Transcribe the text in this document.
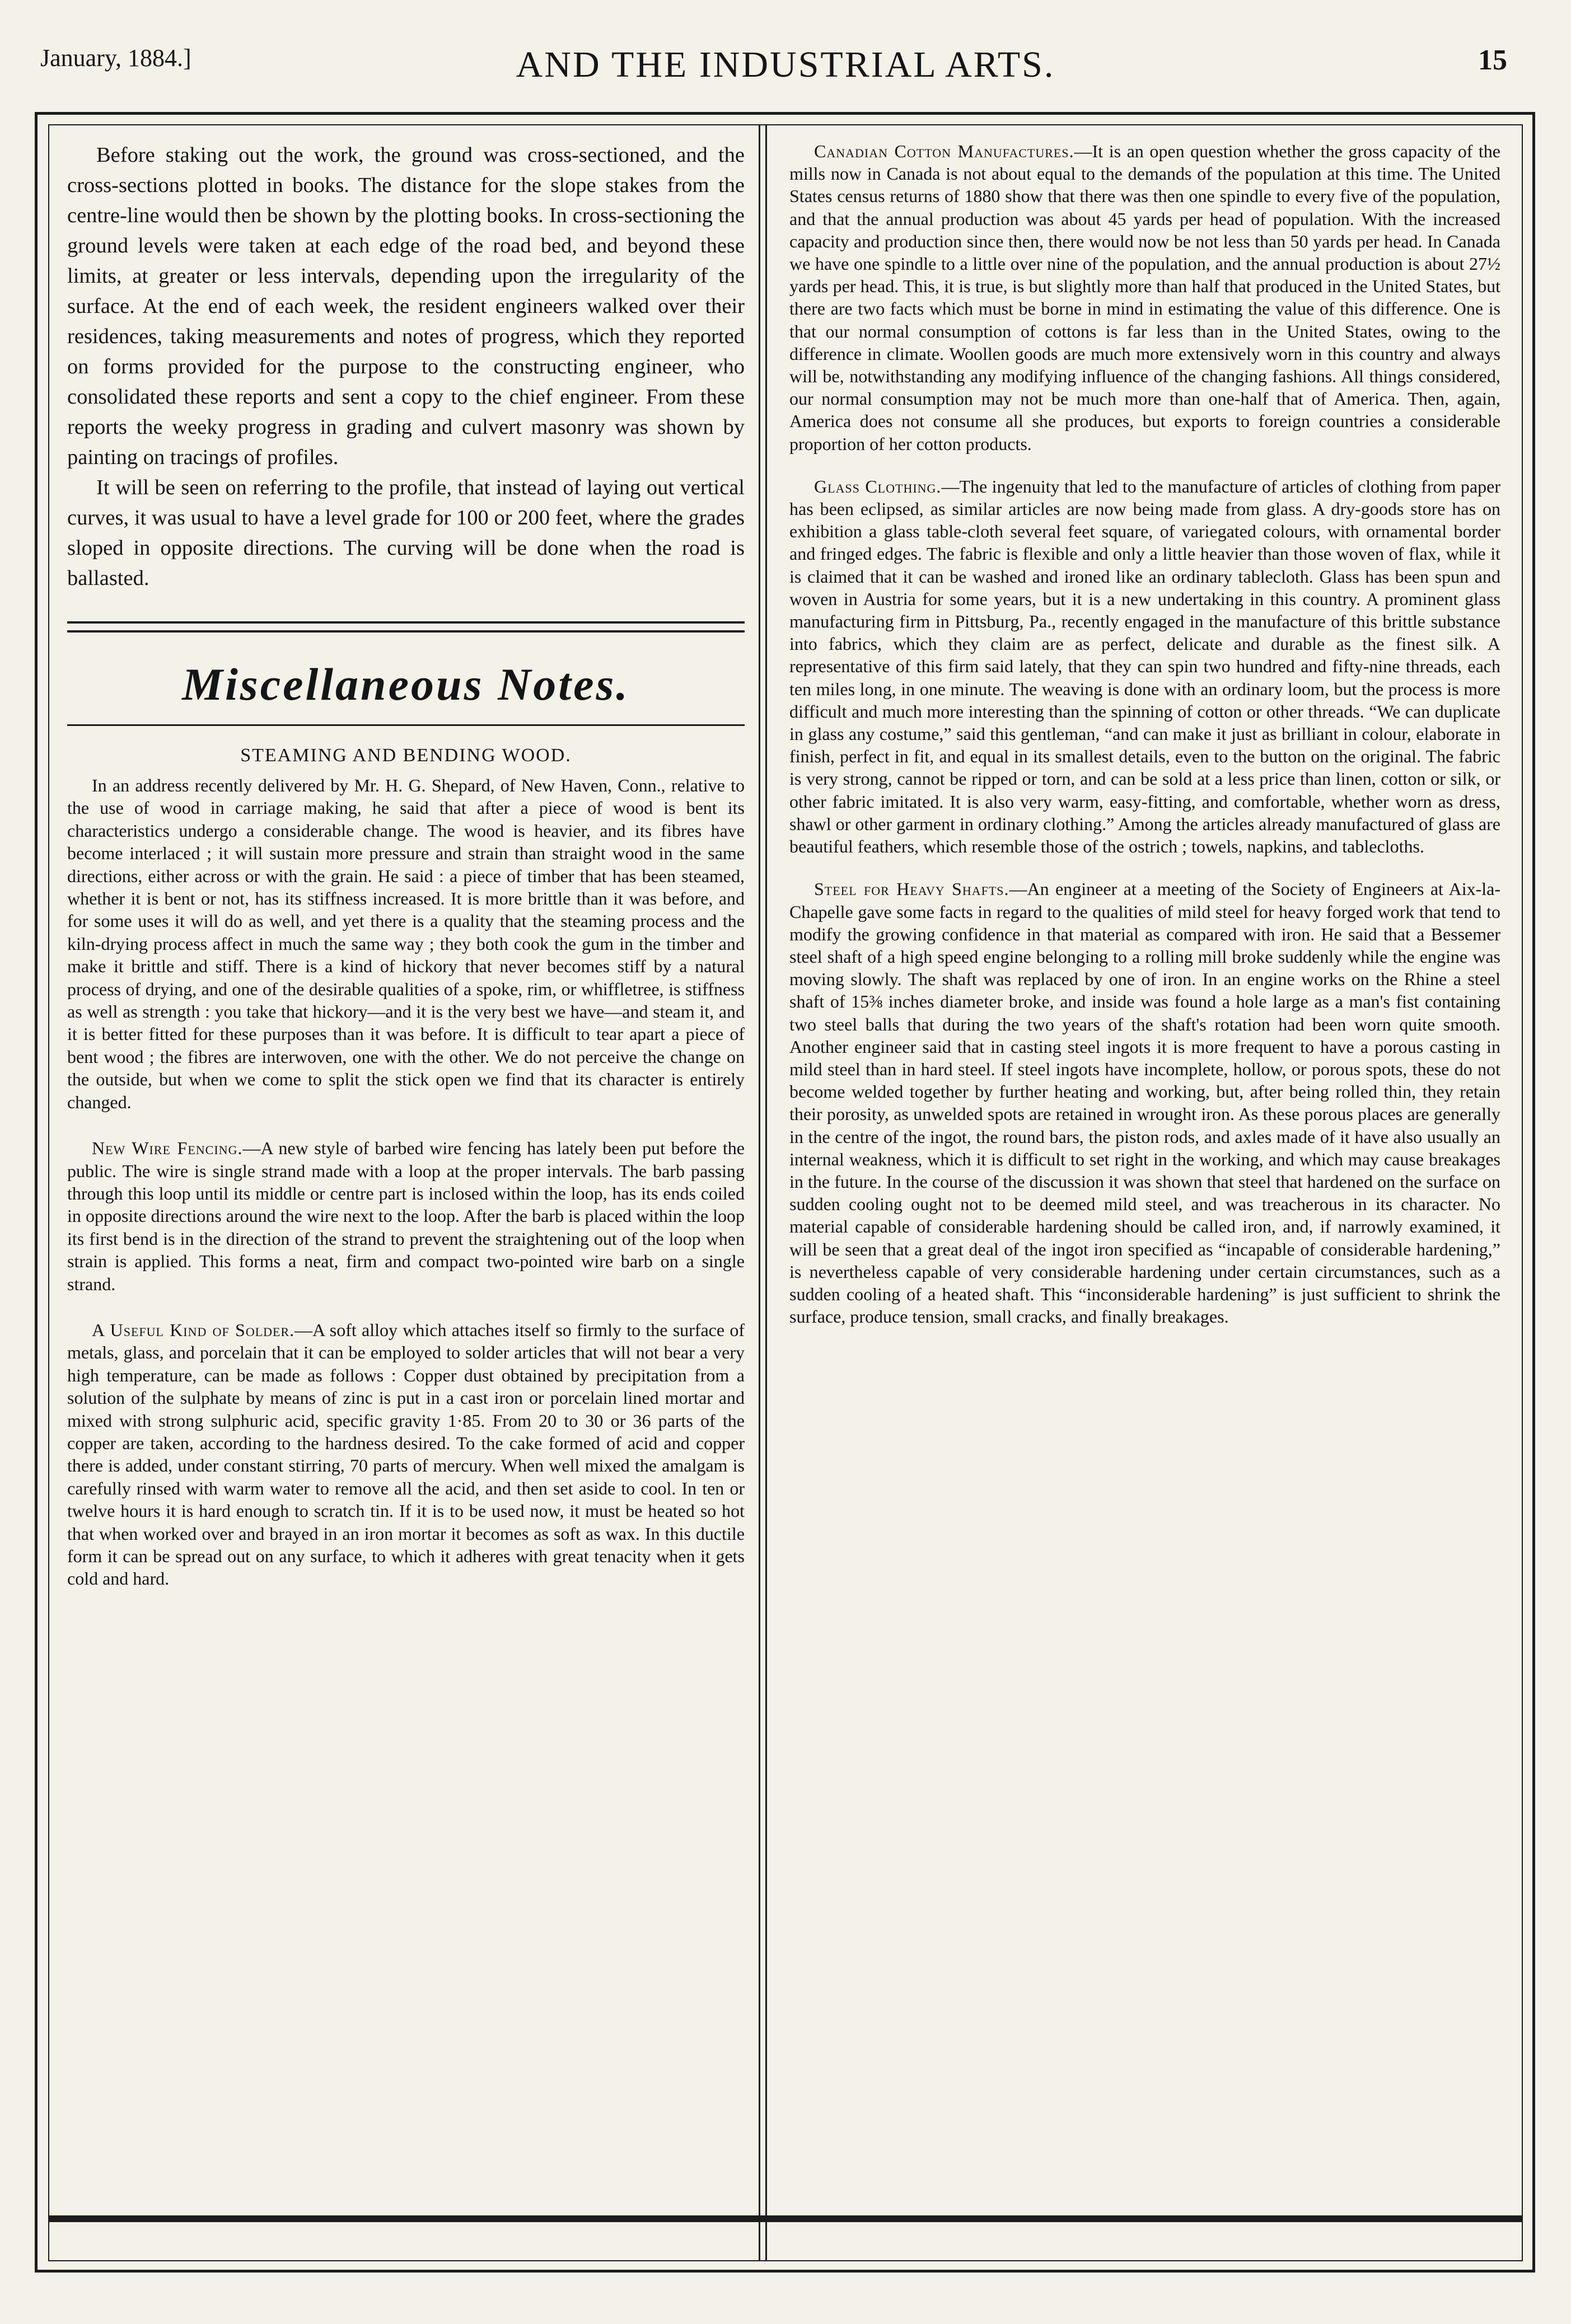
January, 1884.]	AND THE INDUSTRIAL ARTS.	15

Before staking out the work, the ground was cross-sectioned, and the cross-sections plotted in books. The distance for the slope stakes from the centre-line would then be shown by the plotting books. In cross-sectioning the ground levels were taken at each edge of the road bed, and beyond these limits, at greater or less intervals, depending upon the irregularity of the surface. At the end of each week, the resident engineers walked over their residences, taking measurements and notes of progress, which they reported on forms provided for the purpose to the constructing engineer, who consolidated these reports and sent a copy to the chief engineer. From these reports the weeky progress in grading and culvert masonry was shown by painting on tracings of profiles.

It will be seen on referring to the profile, that instead of laying out vertical curves, it was usual to have a level grade for 100 or 200 feet, where the grades sloped in opposite directions. The curving will be done when the road is ballasted.

Miscellaneous Notes.
STEAMING AND BENDING WOOD.

In an address recently delivered by Mr. H. G. Shepard, of New Haven, Conn., relative to the use of wood in carriage making, he said that after a piece of wood is bent its characteristics undergo a considerable change. The wood is heavier, and its fibres have become interlaced ; it will sustain more pressure and strain than straight wood in the same directions, either across or with the grain. He said : a piece of timber that has been steamed, whether it is bent or not, has its stiffness increased. It is more brittle than it was before, and for some uses it will do as well, and yet there is a quality that the steaming process and the kiln-drying process affect in much the same way ; they both cook the gum in the timber and make it brittle and stiff. There is a kind of hickory that never becomes stiff by a natural process of drying, and one of the desirable qualities of a spoke, rim, or whiffletree, is stiffness as well as strength : you take that hickory—and it is the very best we have—and steam it, and it is better fitted for these purposes than it was before. It is difficult to tear apart a piece of bent wood ; the fibres are interwoven, one with the other. We do not perceive the change on the outside, but when we come to split the stick open we find that its character is entirely changed.

New Wire Fencing.—A new style of barbed wire fencing has lately been put before the public. The wire is single strand made with a loop at the proper intervals. The barb passing through this loop until its middle or centre part is inclosed within the loop, has its ends coiled in opposite directions around the wire next to the loop. After the barb is placed within the loop its first bend is in the direction of the strand to prevent the straightening out of the loop when strain is applied. This forms a neat, firm and compact two-pointed wire barb on a single strand.

A Useful Kind of Solder.—A soft alloy which attaches itself so firmly to the surface of metals, glass, and porcelain that it can be employed to solder articles that will not bear a very high temperature, can be made as follows : Copper dust obtained by precipitation from a solution of the sulphate by means of zinc is put in a cast iron or porcelain lined mortar and mixed with strong sulphuric acid, specific gravity 1·85. From 20 to 30 or 36 parts of the copper are taken, according to the hardness desired. To the cake formed of acid and copper there is added, under constant stirring, 70 parts of mercury. When well mixed the amalgam is carefully rinsed with warm water to remove all the acid, and then set aside to cool. In ten or twelve hours it is hard enough to scratch tin. If it is to be used now, it must be heated so hot that when worked over and brayed in an iron mortar it becomes as soft as wax. In this ductile form it can be spread out on any surface, to which it adheres with great tenacity when it gets cold and hard.

Canadian Cotton Manufactures.—It is an open question whether the gross capacity of the mills now in Canada is not about equal to the demands of the population at this time. The United States census returns of 1880 show that there was then one spindle to every five of the population, and that the annual production was about 45 yards per head of population. With the increased capacity and production since then, there would now be not less than 50 yards per head. In Canada we have one spindle to a little over nine of the population, and the annual production is about 27½ yards per head. This, it is true, is but slightly more than half that produced in the United States, but there are two facts which must be borne in mind in estimating the value of this difference. One is that our normal consumption of cottons is far less than in the United States, owing to the difference in climate. Woollen goods are much more extensively worn in this country and always will be, notwithstanding any modifying influence of the changing fashions. All things considered, our normal consumption may not be much more than one-half that of America. Then, again, America does not consume all she produces, but exports to foreign countries a considerable proportion of her cotton products.

Glass Clothing.—The ingenuity that led to the manufacture of articles of clothing from paper has been eclipsed, as similar articles are now being made from glass. A dry-goods store has on exhibition a glass table-cloth several feet square, of variegated colours, with ornamental border and fringed edges. The fabric is flexible and only a little heavier than those woven of flax, while it is claimed that it can be washed and ironed like an ordinary tablecloth. Glass has been spun and woven in Austria for some years, but it is a new undertaking in this country. A prominent glass manufacturing firm in Pittsburg, Pa., recently engaged in the manufacture of this brittle substance into fabrics, which they claim are as perfect, delicate and durable as the finest silk. A representative of this firm said lately, that they can spin two hundred and fifty-nine threads, each ten miles long, in one minute. The weaving is done with an ordinary loom, but the process is more difficult and much more interesting than the spinning of cotton or other threads. “We can duplicate in glass any costume,” said this gentleman, “and can make it just as brilliant in colour, elaborate in finish, perfect in fit, and equal in its smallest details, even to the button on the original. The fabric is very strong, cannot be ripped or torn, and can be sold at a less price than linen, cotton or silk, or other fabric imitated. It is also very warm, easy-fitting, and comfortable, whether worn as dress, shawl or other garment in ordinary clothing.” Among the articles already manufactured of glass are beautiful feathers, which resemble those of the ostrich ; towels, napkins, and tablecloths.

Steel for Heavy Shafts.—An engineer at a meeting of the Society of Engineers at Aix-la-Chapelle gave some facts in regard to the qualities of mild steel for heavy forged work that tend to modify the growing confidence in that material as compared with iron. He said that a Bessemer steel shaft of a high speed engine belonging to a rolling mill broke suddenly while the engine was moving slowly. The shaft was replaced by one of iron. In an engine works on the Rhine a steel shaft of 15⅜ inches diameter broke, and inside was found a hole large as a man's fist containing two steel balls that during the two years of the shaft's rotation had been worn quite smooth. Another engineer said that in casting steel ingots it is more frequent to have a porous casting in mild steel than in hard steel. If steel ingots have incomplete, hollow, or porous spots, these do not become welded together by further heating and working, but, after being rolled thin, they retain their porosity, as unwelded spots are retained in wrought iron. As these porous places are generally in the centre of the ingot, the round bars, the piston rods, and axles made of it have also usually an internal weakness, which it is difficult to set right in the working, and which may cause breakages in the future. In the course of the discussion it was shown that steel that hardened on the surface on sudden cooling ought not to be deemed mild steel, and was treacherous in its character. No material capable of considerable hardening should be called iron, and, if narrowly examined, it will be seen that a great deal of the ingot iron specified as “incapable of considerable hardening,” is nevertheless capable of very considerable hardening under certain circumstances, such as a sudden cooling of a heated shaft. This “inconsiderable hardening” is just sufficient to shrink the surface, produce tension, small cracks, and finally breakages.
